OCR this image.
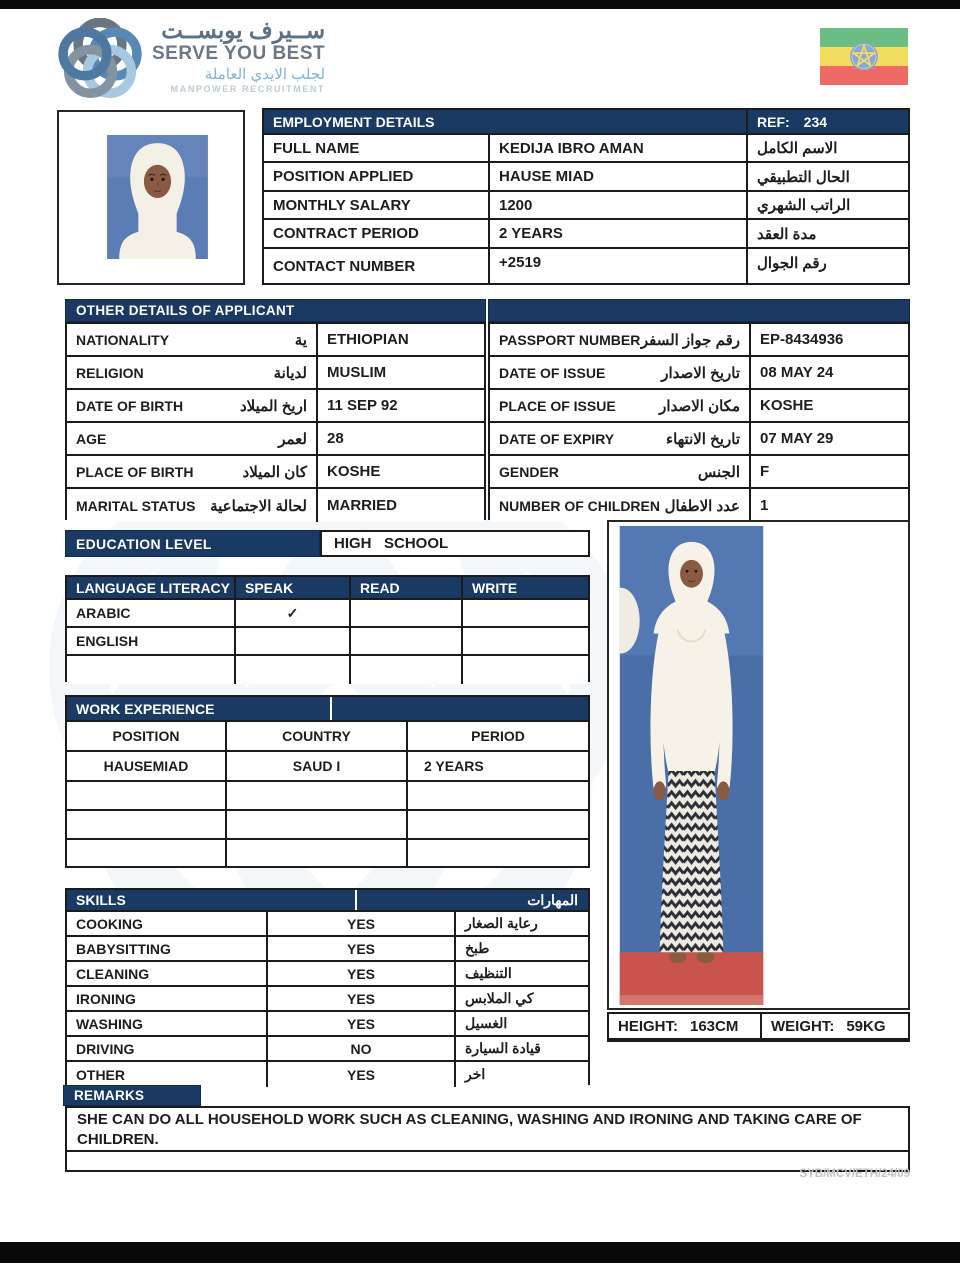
ســيرف يوبســت
SERVE YOU BEST
لجلب الايدي العاملة
MANPOWER RECRUITMENT
EMPLOYMENT DETAILS	REF: 234
FULL NAME	KEDIJA IBRO AMAN	الاسم الكامل
POSITION APPLIED	HAUSE MIAD	الحال التطبيقي
MONTHLY SALARY	1200	الراتب الشهري
CONTRACT PERIOD	2 YEARS	مدة العقد
CONTACT NUMBER	+2519	رقم الجوال
OTHER DETAILS OF APPLICANT
NATIONALITY	ية	ETHIOPIAN
RELIGION	لديانة	MUSLIM
DATE OF BIRTH	اريخ الميلاد	11 SEP 92
AGE	لعمر	28
PLACE OF BIRTH	كان الميلاد	KOSHE
MARITAL STATUS لحالة الاجتماعية	MARRIED
PASSPORT NUMBER رقم جواز السفر	EP-8434936
DATE OF ISSUE	تاريخ الاصدار	08 MAY 24
PLACE OF ISSUE	مكان الاصدار	KOSHE
DATE OF EXPIRY	تاريخ الانتهاء	07 MAY 29
GENDER	الجنس	F
NUMBER OF CHILDREN عدد الاطفال	1
EDUCATION LEVEL	HIGH   SCHOOL
LANGUAGE LITERACY	SPEAK	READ	WRITE
ARABIC	✓
ENGLISH
WORK EXPERIENCE
POSITION	COUNTRY	PERIOD
HAUSEMIAD	SAUD I	2 YEARS
SKILLS	المهارات
COOKING	YES	رعاية الصغار
BABYSITTING	YES	طبخ
CLEANING	YES	التنظيف
IRONING	YES	كي الملابس
WASHING	YES	الغسيل
DRIVING	NO	قيادة السيارة
OTHER	YES	اخر
HEIGHT: 163CM WEIGHT: 59KG
REMARKS
SHE CAN DO ALL HOUSEHOLD WORK SUCH AS CLEANING, WASHING AND IRONING AND TAKING CARE OF CHILDREN.
SYB/MCV/ETH/24/09
